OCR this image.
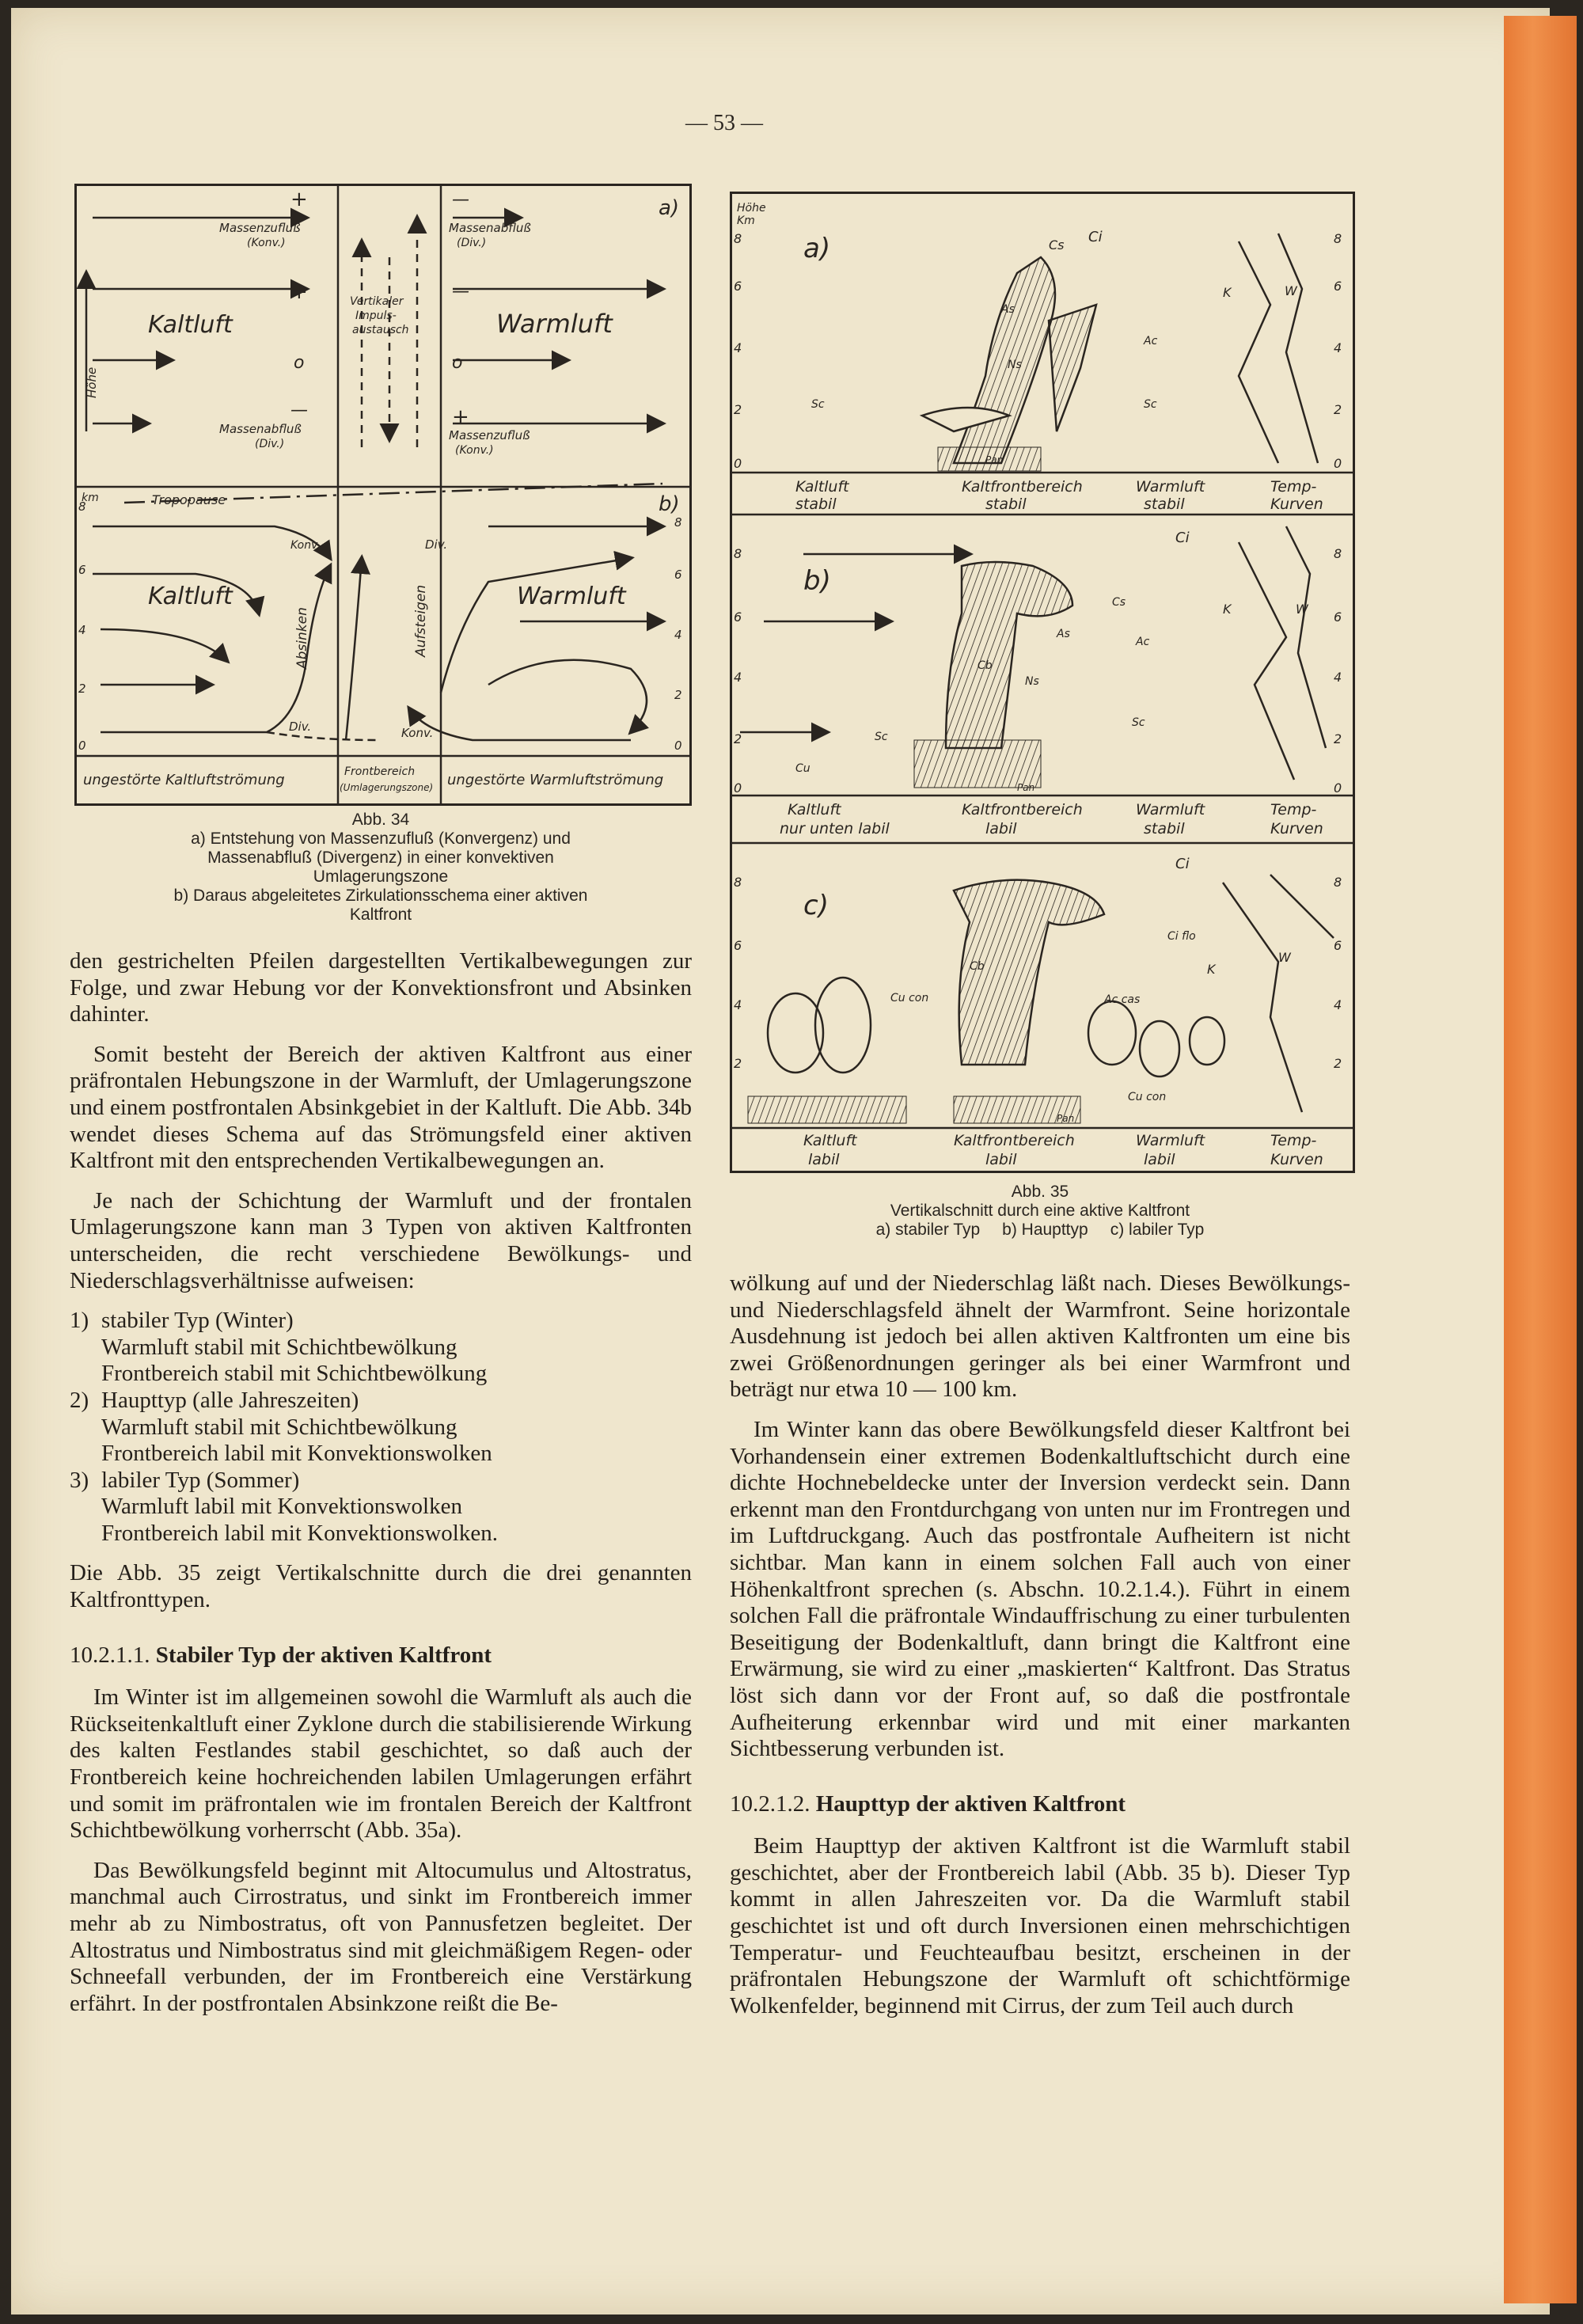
— 53 —
a)
b)
Massenzufluß
(Konv.)
+
+
o
—
Kaltluft	Warmluft
Höhe
Massenabfluß
(Div.)
—
—
o
+
Vertikaler
Impuls-
austausch
Massenabfluß
(Div.)
Massenzufluß
(Konv.)
km	Tropopause
Konv.	Div.
Kaltluft	Warmluft
Absinken	Aufsteigen
Div.	Konv.
8
6
4
2
0
8
6
4
2
0
ungestörte Kaltluftströmung	Frontbereich
(Umlagerungszone) ungestörte Warmluftströmung
Abb. 34
a) Entstehung von Massenzufluß (Konvergenz) und
Massenabfluß (Divergenz) in einer konvektiven
Umlagerungszone
b) Daraus abgeleitetes Zirkulationsschema einer aktiven
Kaltfront
Höhe
Km
8
6
4
2
0
8
6
4
2
0
a)	Ci
Cs
As
Ns
Ac
Sc	Sc
Pan
K	W
Kaltluft
stabil
Kaltfrontbereich
stabil
Warmluft
stabil
Temp-
Kurven
8
6
4
2
0
8
6
4
2
0
b)
Ci
Cs
As
Ac
Cb
Ns
Sc
Sc
Cu
Pan
K	W
Kaltluft
nur unten labil
Kaltfrontbereich
labil
Warmluft
stabil
Temp-
Kurven
8
6
4
2
8
6
4
2
c)
Ci
Ci flo
Cb
Cu con	Ac cas
Cu con
Pan
K
W
Kaltluft
labil
Kaltfrontbereich
labil
Warmluft
labil
Temp-
Kurven
Abb. 35
Vertikalschnitt durch eine aktive Kaltfront
a) stabiler Typ b) Haupttyp c) labiler Typ

den gestrichelten Pfeilen dargestellten Vertikalbewegungen zur Folge, und zwar Hebung vor der Konvektionsfront und Absinken dahinter.

Somit besteht der Bereich der aktiven Kaltfront aus einer präfrontalen Hebungszone in der Warmluft, der Umlagerungszone und einem postfrontalen Absinkgebiet in der Kaltluft. Die Abb. 34b wendet dieses Schema auf das Strömungsfeld einer aktiven Kaltfront mit den entsprechenden Vertikalbewegungen an.

Je nach der Schichtung der Warmluft und der frontalen Umlagerungszone kann man 3 Typen von aktiven Kaltfronten unterscheiden, die recht verschiedene Bewölkungs- und Niederschlagsverhältnisse aufweisen:

1) stabiler Typ (Winter)
Warmluft stabil mit Schichtbewölkung
Frontbereich stabil mit Schichtbewölkung
2) Haupttyp (alle Jahreszeiten)
Warmluft stabil mit Schichtbewölkung
Frontbereich labil mit Konvektionswolken
3) labiler Typ (Sommer)
Warmluft labil mit Konvektionswolken
Frontbereich labil mit Konvektionswolken.

Die Abb. 35 zeigt Vertikalschnitte durch die drei genannten Kaltfronttypen.

10.2.1.1. Stabiler Typ der aktiven Kaltfront

Im Winter ist im allgemeinen sowohl die Warmluft als auch die Rückseitenkaltluft einer Zyklone durch die stabilisierende Wirkung des kalten Festlandes stabil geschichtet, so daß auch der Frontbereich keine hochreichenden labilen Umlagerungen erfährt und somit im präfrontalen wie im frontalen Bereich der Kaltfront Schichtbewölkung vorherrscht (Abb. 35a).

Das Bewölkungsfeld beginnt mit Altocumulus und Altostratus, manchmal auch Cirrostratus, und sinkt im Frontbereich immer mehr ab zu Nimbostratus, oft von Pannusfetzen begleitet. Der Altostratus und Nimbostratus sind mit gleichmäßigem Regen- oder Schneefall verbunden, der im Frontbereich eine Verstärkung erfährt. In der postfrontalen Absinkzone reißt die Be-

wölkung auf und der Niederschlag läßt nach. Dieses Bewölkungs- und Niederschlagsfeld ähnelt der Warmfront. Seine horizontale Ausdehnung ist jedoch bei allen aktiven Kaltfronten um eine bis zwei Größenordnungen geringer als bei einer Warmfront und beträgt nur etwa 10 — 100 km.

Im Winter kann das obere Bewölkungsfeld dieser Kaltfront bei Vorhandensein einer extremen Bodenkaltluftschicht durch eine dichte Hochnebeldecke unter der Inversion verdeckt sein. Dann erkennt man den Frontdurchgang von unten nur im Frontregen und im Luftdruckgang. Auch das postfrontale Aufheitern ist nicht sichtbar. Man kann in einem solchen Fall auch von einer Höhenkaltfront sprechen (s. Abschn. 10.2.1.4.). Führt in einem solchen Fall die präfrontale Windauffrischung zu einer turbulenten Beseitigung der Bodenkaltluft, dann bringt die Kaltfront eine Erwärmung, sie wird zu einer „maskierten“ Kaltfront. Das Stratus löst sich dann vor der Front auf, so daß die postfrontale Aufheiterung erkennbar wird und mit einer markanten Sichtbesserung verbunden ist.

10.2.1.2. Haupttyp der aktiven Kaltfront

Beim Haupttyp der aktiven Kaltfront ist die Warmluft stabil geschichtet, aber der Frontbereich labil (Abb. 35 b). Dieser Typ kommt in allen Jahreszeiten vor. Da die Warmluft stabil geschichtet ist und oft durch Inversionen einen mehrschichtigen Temperatur- und Feuchteaufbau besitzt, erscheinen in der präfrontalen Hebungszone der Warmluft oft schichtförmige Wolkenfelder, beginnend mit Cirrus, der zum Teil auch durch
